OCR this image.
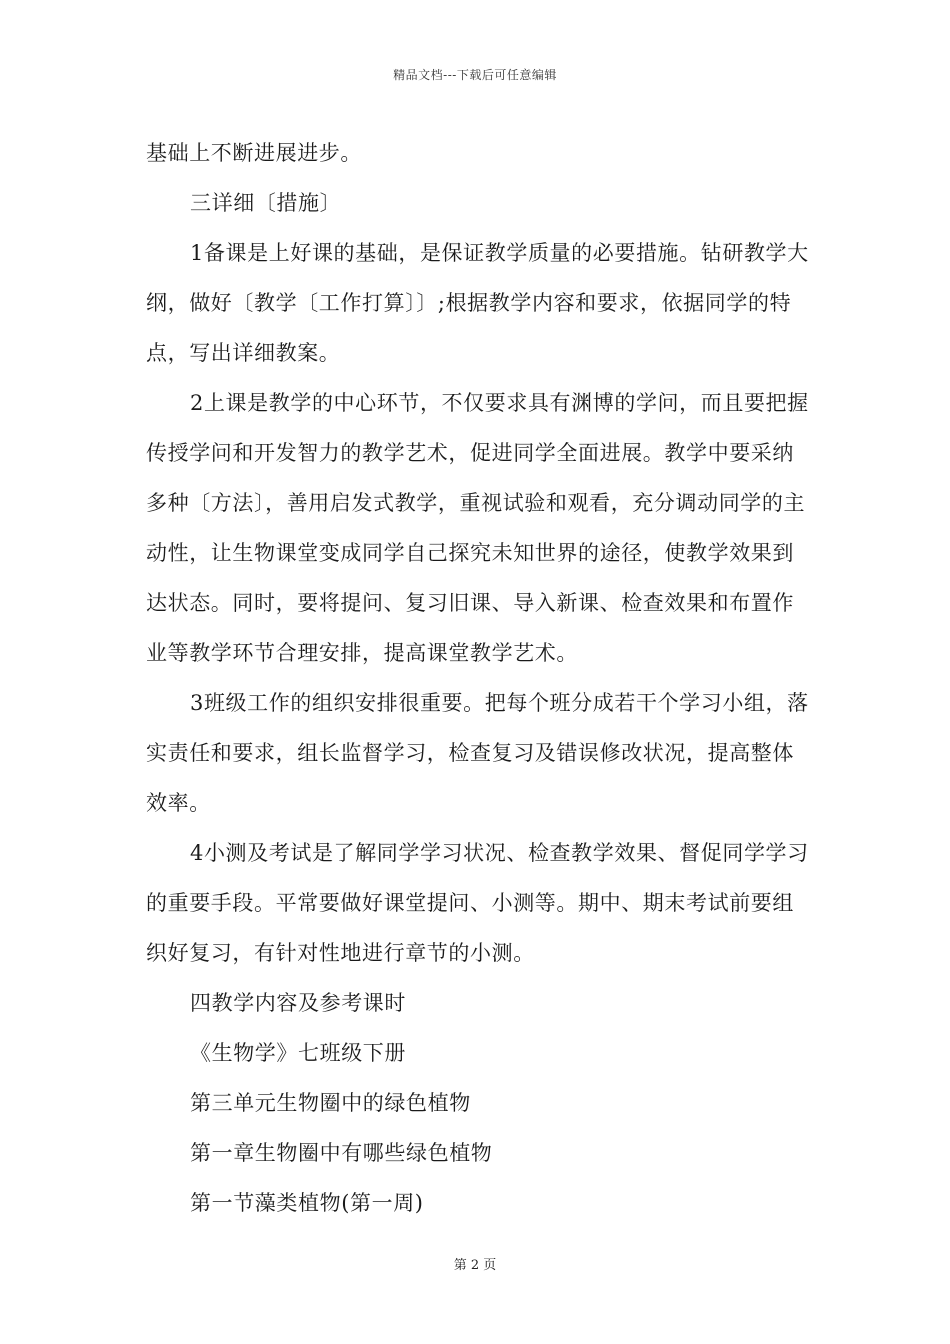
精品文档---下载后可任意编辑

基础上不断进展进步。

三详细〔措施〕

1备课是上好课的基础，是保证教学质量的必要措施。钻研教学大纲，做好〔教学〔工作打算〕〕;根据教学内容和要求，依据同学的特点，写出详细教案。

2上课是教学的中心环节，不仅要求具有渊博的学问，而且要把握传授学问和开发智力的教学艺术，促进同学全面进展。教学中要采纳多种〔方法〕，善用启发式教学，重视试验和观看，充分调动同学的主动性，让生物课堂变成同学自己探究未知世界的途径，使教学效果到达状态。同时，要将提问、复习旧课、导入新课、检查效果和布置作业等教学环节合理安排，提高课堂教学艺术。

3班级工作的组织安排很重要。把每个班分成若干个学习小组，落实责任和要求，组长监督学习，检查复习及错误修改状况，提高整体效率。

4小测及考试是了解同学学习状况、检查教学效果、督促同学学习的重要手段。平常要做好课堂提问、小测等。期中、期末考试前要组织好复习，有针对性地进行章节的小测。

四教学内容及参考课时

《生物学》七班级下册

第三单元生物圈中的绿色植物

第一章生物圈中有哪些绿色植物

第一节藻类植物(第一周)

第 2 页
